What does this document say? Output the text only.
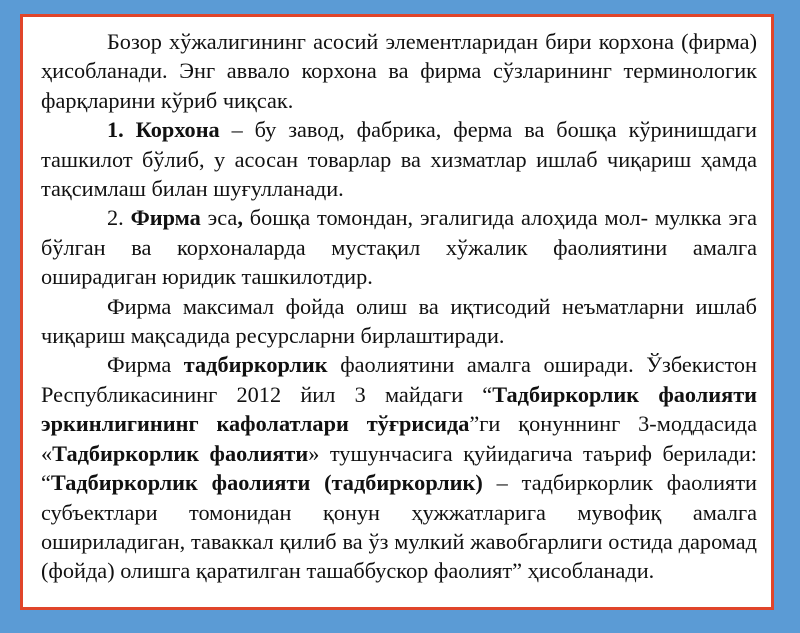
Бозор хўжалигининг асосий элементларидан бири корхона (фирма) ҳисобланади. Энг аввало корхона ва фирма сўзларининг терминологик фарқларини кўриб чиқсак.

1. Корхона – бу завод, фабрика, ферма ва бошқа кўринишдаги ташкилот бўлиб, у асосан товарлар ва хизматлар ишлаб чиқариш ҳамда тақсимлаш билан шуғулланади.

2. Фирма эса, бошқа томондан, эгалигида алоҳида мол- мулкка эга бўлган ва корхоналарда мустақил хўжалик фаолиятини амалга оширадиган юридик ташкилотдир.

Фирма максимал фойда олиш ва иқтисодий неъматларни ишлаб чиқариш мақсадида ресурсларни бирлаштиради.

Фирма тадбиркорлик фаолиятини амалга оширади. Ўзбекистон Республикасининг 2012 йил 3 майдаги “Тадбиркорлик фаолияти эркинлигининг кафолатлари тўғрисида”ги қонуннинг 3-моддасида «Тадбиркорлик фаолияти» тушунчасига қуйидагича таъриф берилади: “Тадбиркорлик фаолияти (тадбиркорлик) – тадбиркорлик фаолияти субъектлари томонидан қонун ҳужжатларига мувофиқ амалга ошириладиган, таваккал қилиб ва ўз мулкий жавобгарлиги остида даромад (фойда) олишга қаратилган ташаббускор фаолият” ҳисобланади.
